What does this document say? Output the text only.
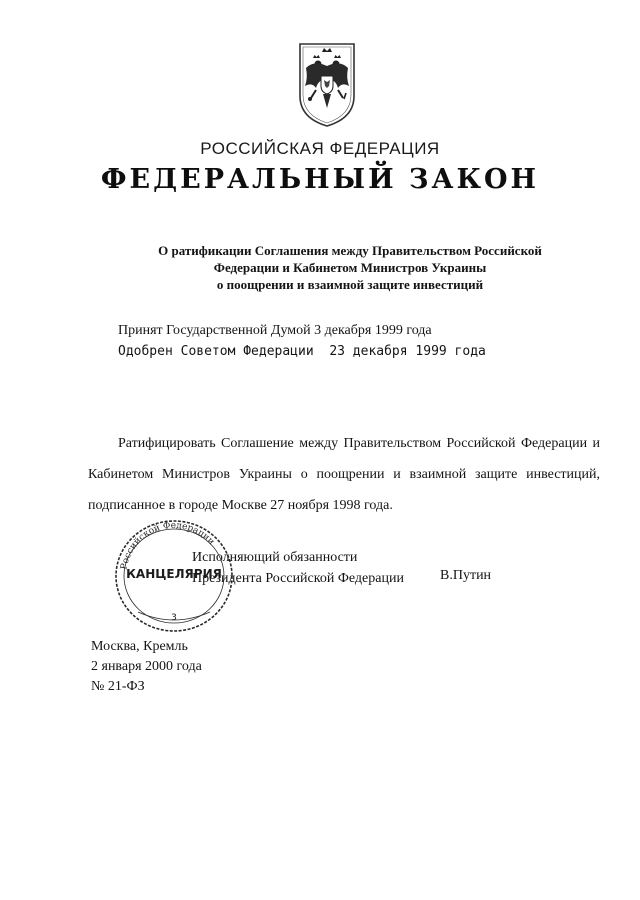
РОССИЙСКАЯ ФЕДЕРАЦИЯ
ФЕДЕРАЛЬНЫЙ ЗАКОН
О ратификации Соглашения между Правительством Российской
Федерации и Кабинетом Министров Украины
о поощрении и взаимной защите инвестиций
Принят Государственной Думой 3 декабря 1999 года
Одобрен Советом Федерации  23 декабря 1999 года
Ратифицировать Соглашение между Правительством Российской Федерации и Кабинетом Министров Украины о поощрении и взаимной защите инвестиций, подписанное в городе Москве 27 ноября 1998 года.
Российской Федерации
КАНЦЕЛЯРИЯ
3
Исполняющий обязанности
Президента Российской Федерации	В.Путин
Москва, Кремль
2 января 2000 года
№ 21-ФЗ
